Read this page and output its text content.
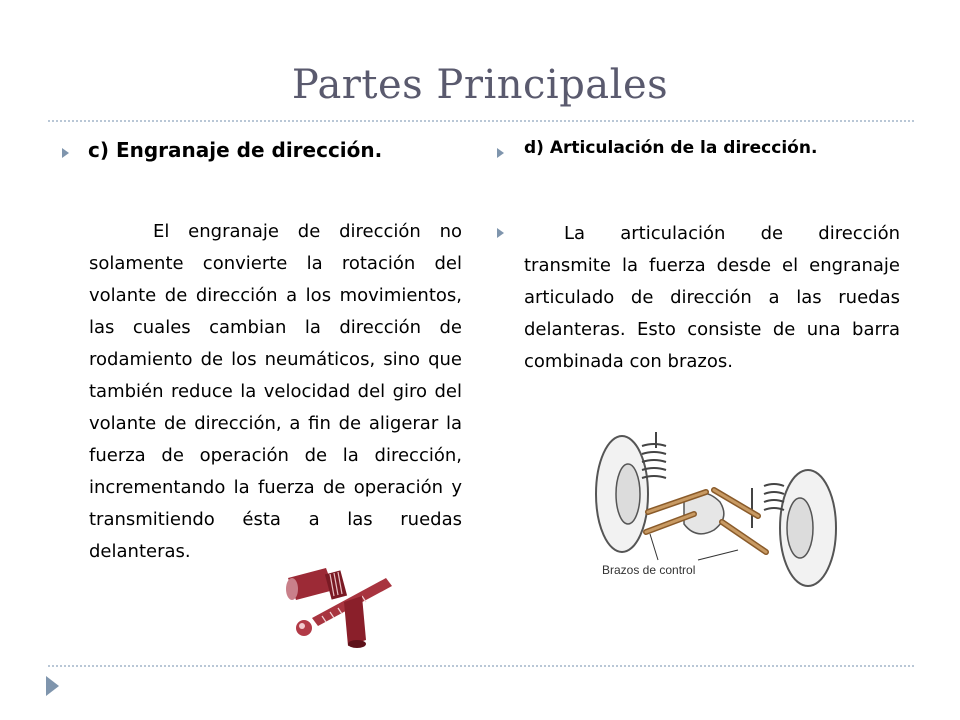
Partes Principales
c) Engranaje de dirección.
El engranaje de dirección no solamente convierte la rotación del volante de dirección a los movimientos, las cuales cambian la dirección de rodamiento de los neumáticos, sino que también reduce la velocidad del giro del volante de dirección, a fin de aligerar la fuerza de operación de la dirección, incrementando la fuerza de operación y transmitiendo ésta a las ruedas delanteras.
d) Articulación de la dirección.
La articulación de dirección transmite la fuerza desde el engranaje articulado de dirección a las ruedas delanteras. Esto consiste de una barra combinada con brazos.
Brazos de control
